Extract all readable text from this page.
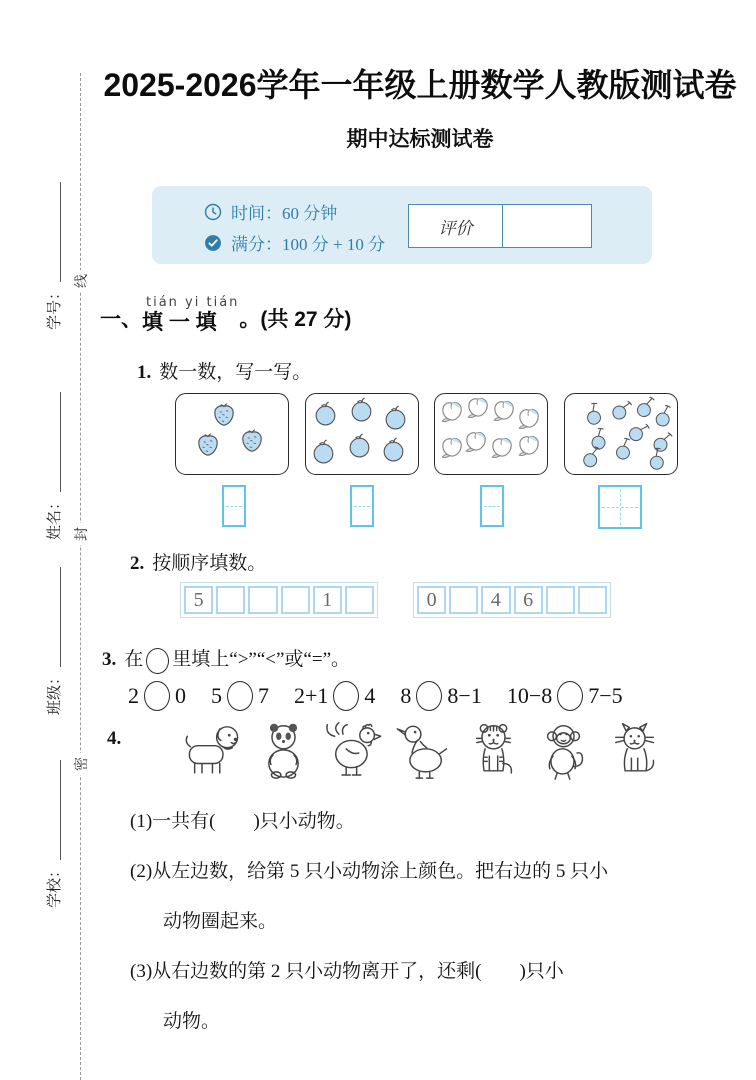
学号：
姓名：
班级：
学校：
线
封
密
2025-2026学年一年级上册数学人教版测试卷
期中达标测试卷
时间：60 分钟
满分：100 分 + 10 分
评价
一、
tián yi tián
填 一 填 。(共 27 分)
1. 数一数，写一写。
2. 按顺序填数。
5	1	0	4	6
3. 在 里填上“>”“<”或“=”。
2 0 5 7 2+1 4 8 8−1 10−8 7−5
4.
(1)一共有(　　)只小动物。
(2)从左边数，给第 5 只小动物涂上颜色。把右边的 5 只小
动物圈起来。
(3)从右边数的第 2 只小动物离开了，还剩(　　)只小
动物。
